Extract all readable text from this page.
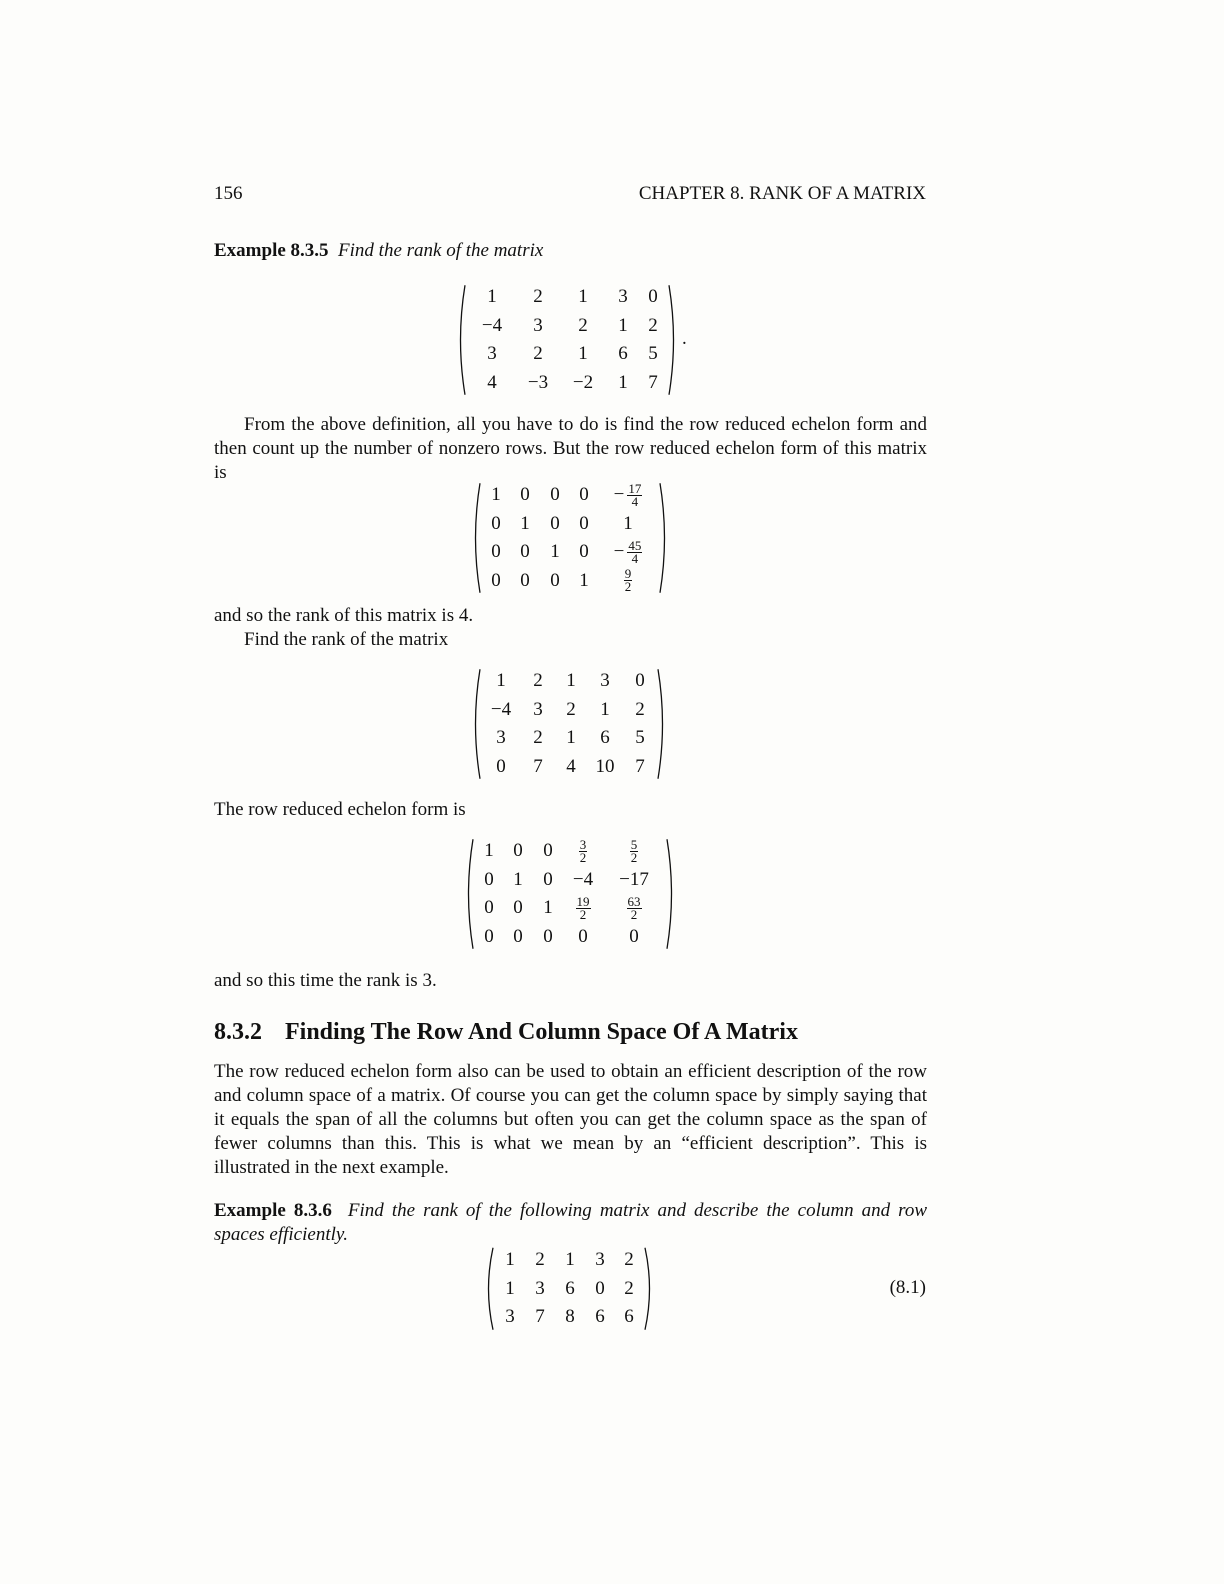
156	CHAPTER 8. RANK OF A MATRIX
Example 8.3.5 Find the rank of the matrix
1	2	1	3	0
−4	3	2	1	2
3	2	1	6	5
4	−3	−2	1	7
.
From the above definition, all you have to do is find the row reduced echelon form and then count up the number of nonzero rows. But the row reduced echelon form of this matrix is
1	0	0	0	− $\frac{17}{4}$
0	1	0	0	1
0	0	1	0	− $\frac{45}{4}$
0	0	0	1	$\frac{9}{2}$
and so the rank of this matrix is 4.
Find the rank of the matrix
1	2	1	3	0
−4	3	2	1	2
3	2	1	6	5
0	7	4	10	7
The row reduced echelon form is
1	0	0	$\frac{3}{2}$	$\frac{5}{2}$
0	1	0	−4	−17
0	0	1	$\frac{19}{2}$	$\frac{63}{2}$
0	0	0	0	0
and so this time the rank is 3.
8.3.2 Finding The Row And Column Space Of A Matrix
The row reduced echelon form also can be used to obtain an efficient description of the row and column space of a matrix. Of course you can get the column space by simply saying that it equals the span of all the columns but often you can get the column space as the span of fewer columns than this. This is what we mean by an “efficient description”. This is illustrated in the next example.
Example 8.3.6 Find the rank of the following matrix and describe the column and row spaces efficiently.
1	2	1	3	2
1	3	6	0	2
3	7	8	6	6
(8.1)
